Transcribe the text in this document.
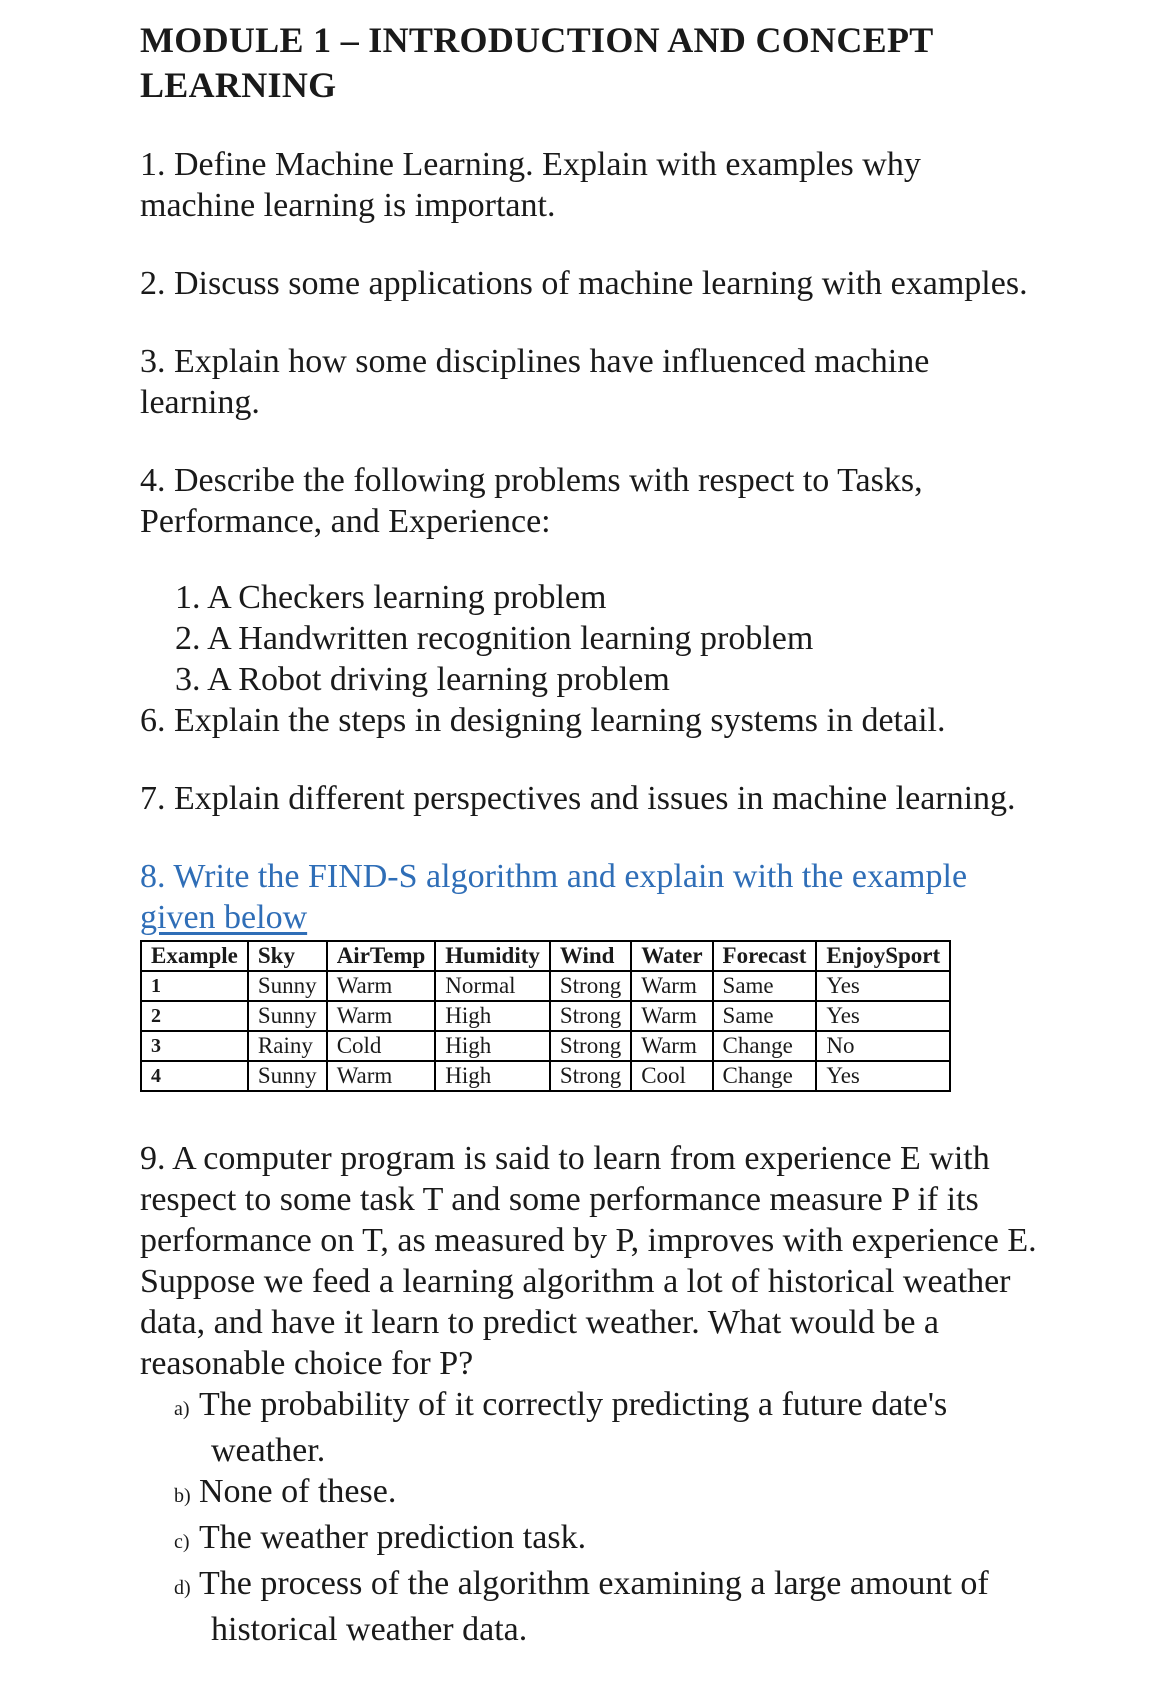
MODULE 1 – INTRODUCTION AND CONCEPT LEARNING

1. Define Machine Learning. Explain with examples why machine learning is important.

2. Discuss some applications of machine learning with examples.

3. Explain how some disciplines have influenced machine learning.

4. Describe the following problems with respect to Tasks, Performance, and Experience:

1. A Checkers learning problem
2. A Handwritten recognition learning problem
3. A Robot driving learning problem

6. Explain the steps in designing learning systems in detail.

7. Explain different perspectives and issues in machine learning.

8. Write the FIND-S algorithm and explain with the example
given below

Example	Sky	AirTemp	Humidity	Wind	Water	Forecast	EnjoySport
1	Sunny	Warm	Normal	Strong	Warm	Same	Yes
2	Sunny	Warm	High	Strong	Warm	Same	Yes
3	Rainy	Cold	High	Strong	Warm	Change	No
4	Sunny	Warm	High	Strong	Cool	Change	Yes

9. A computer program is said to learn from experience E with respect to some task T and some performance measure P if its performance on T, as measured by P, improves with experience E.

Suppose we feed a learning algorithm a lot of historical weather data, and have it learn to predict weather. What would be a reasonable choice for P?

a) The probability of it correctly predicting a future date's
weather.
b) None of these.
c) The weather prediction task.
d) The process of the algorithm examining a large amount of
historical weather data.
